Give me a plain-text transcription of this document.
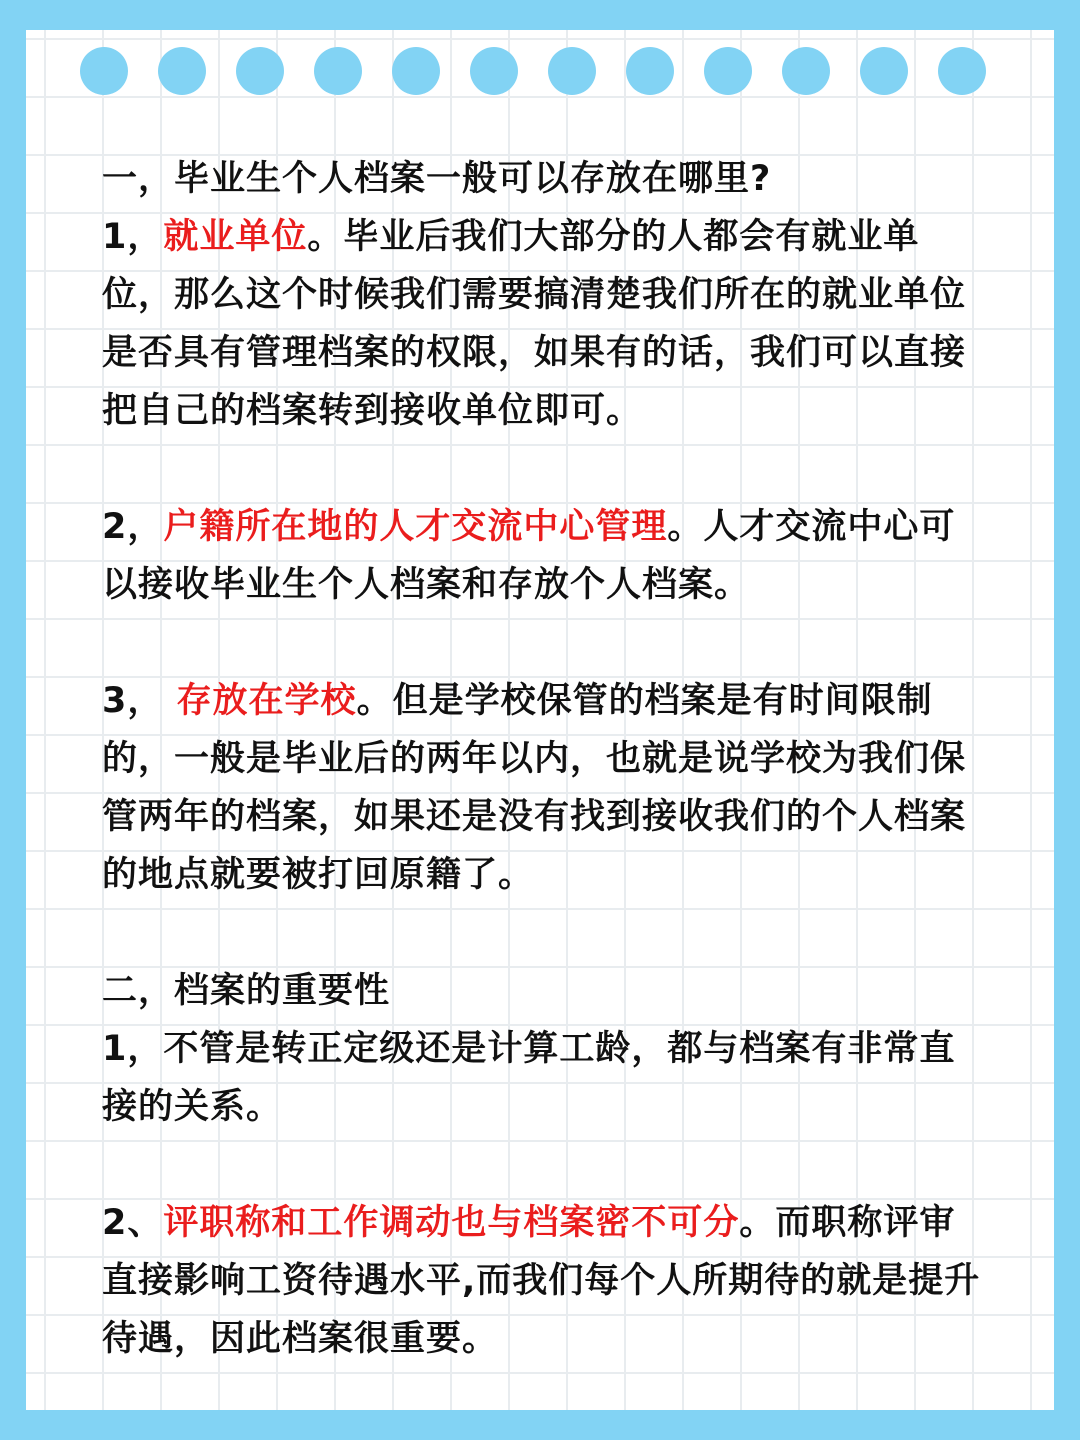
一，毕业生个人档案一般可以存放在哪里?

1，就业单位。毕业后我们大部分的人都会有就业单位，那么这个时候我们需要搞清楚我们所在的就业单位是否具有管理档案的权限，如果有的话，我们可以直接把自己的档案转到接收单位即可。

2，户籍所在地的人才交流中心管理。人才交流中心可以接收毕业生个人档案和存放个人档案。

3， 存放在学校。但是学校保管的档案是有时间限制的，一般是毕业后的两年以内，也就是说学校为我们保管两年的档案，如果还是没有找到接收我们的个人档案的地点就要被打回原籍了。

二，档案的重要性

1，不管是转正定级还是计算工龄，都与档案有非常直接的关系。

2、评职称和工作调动也与档案密不可分。而职称评审直接影响工资待遇水平,而我们每个人所期待的就是提升待遇，因此档案很重要。
